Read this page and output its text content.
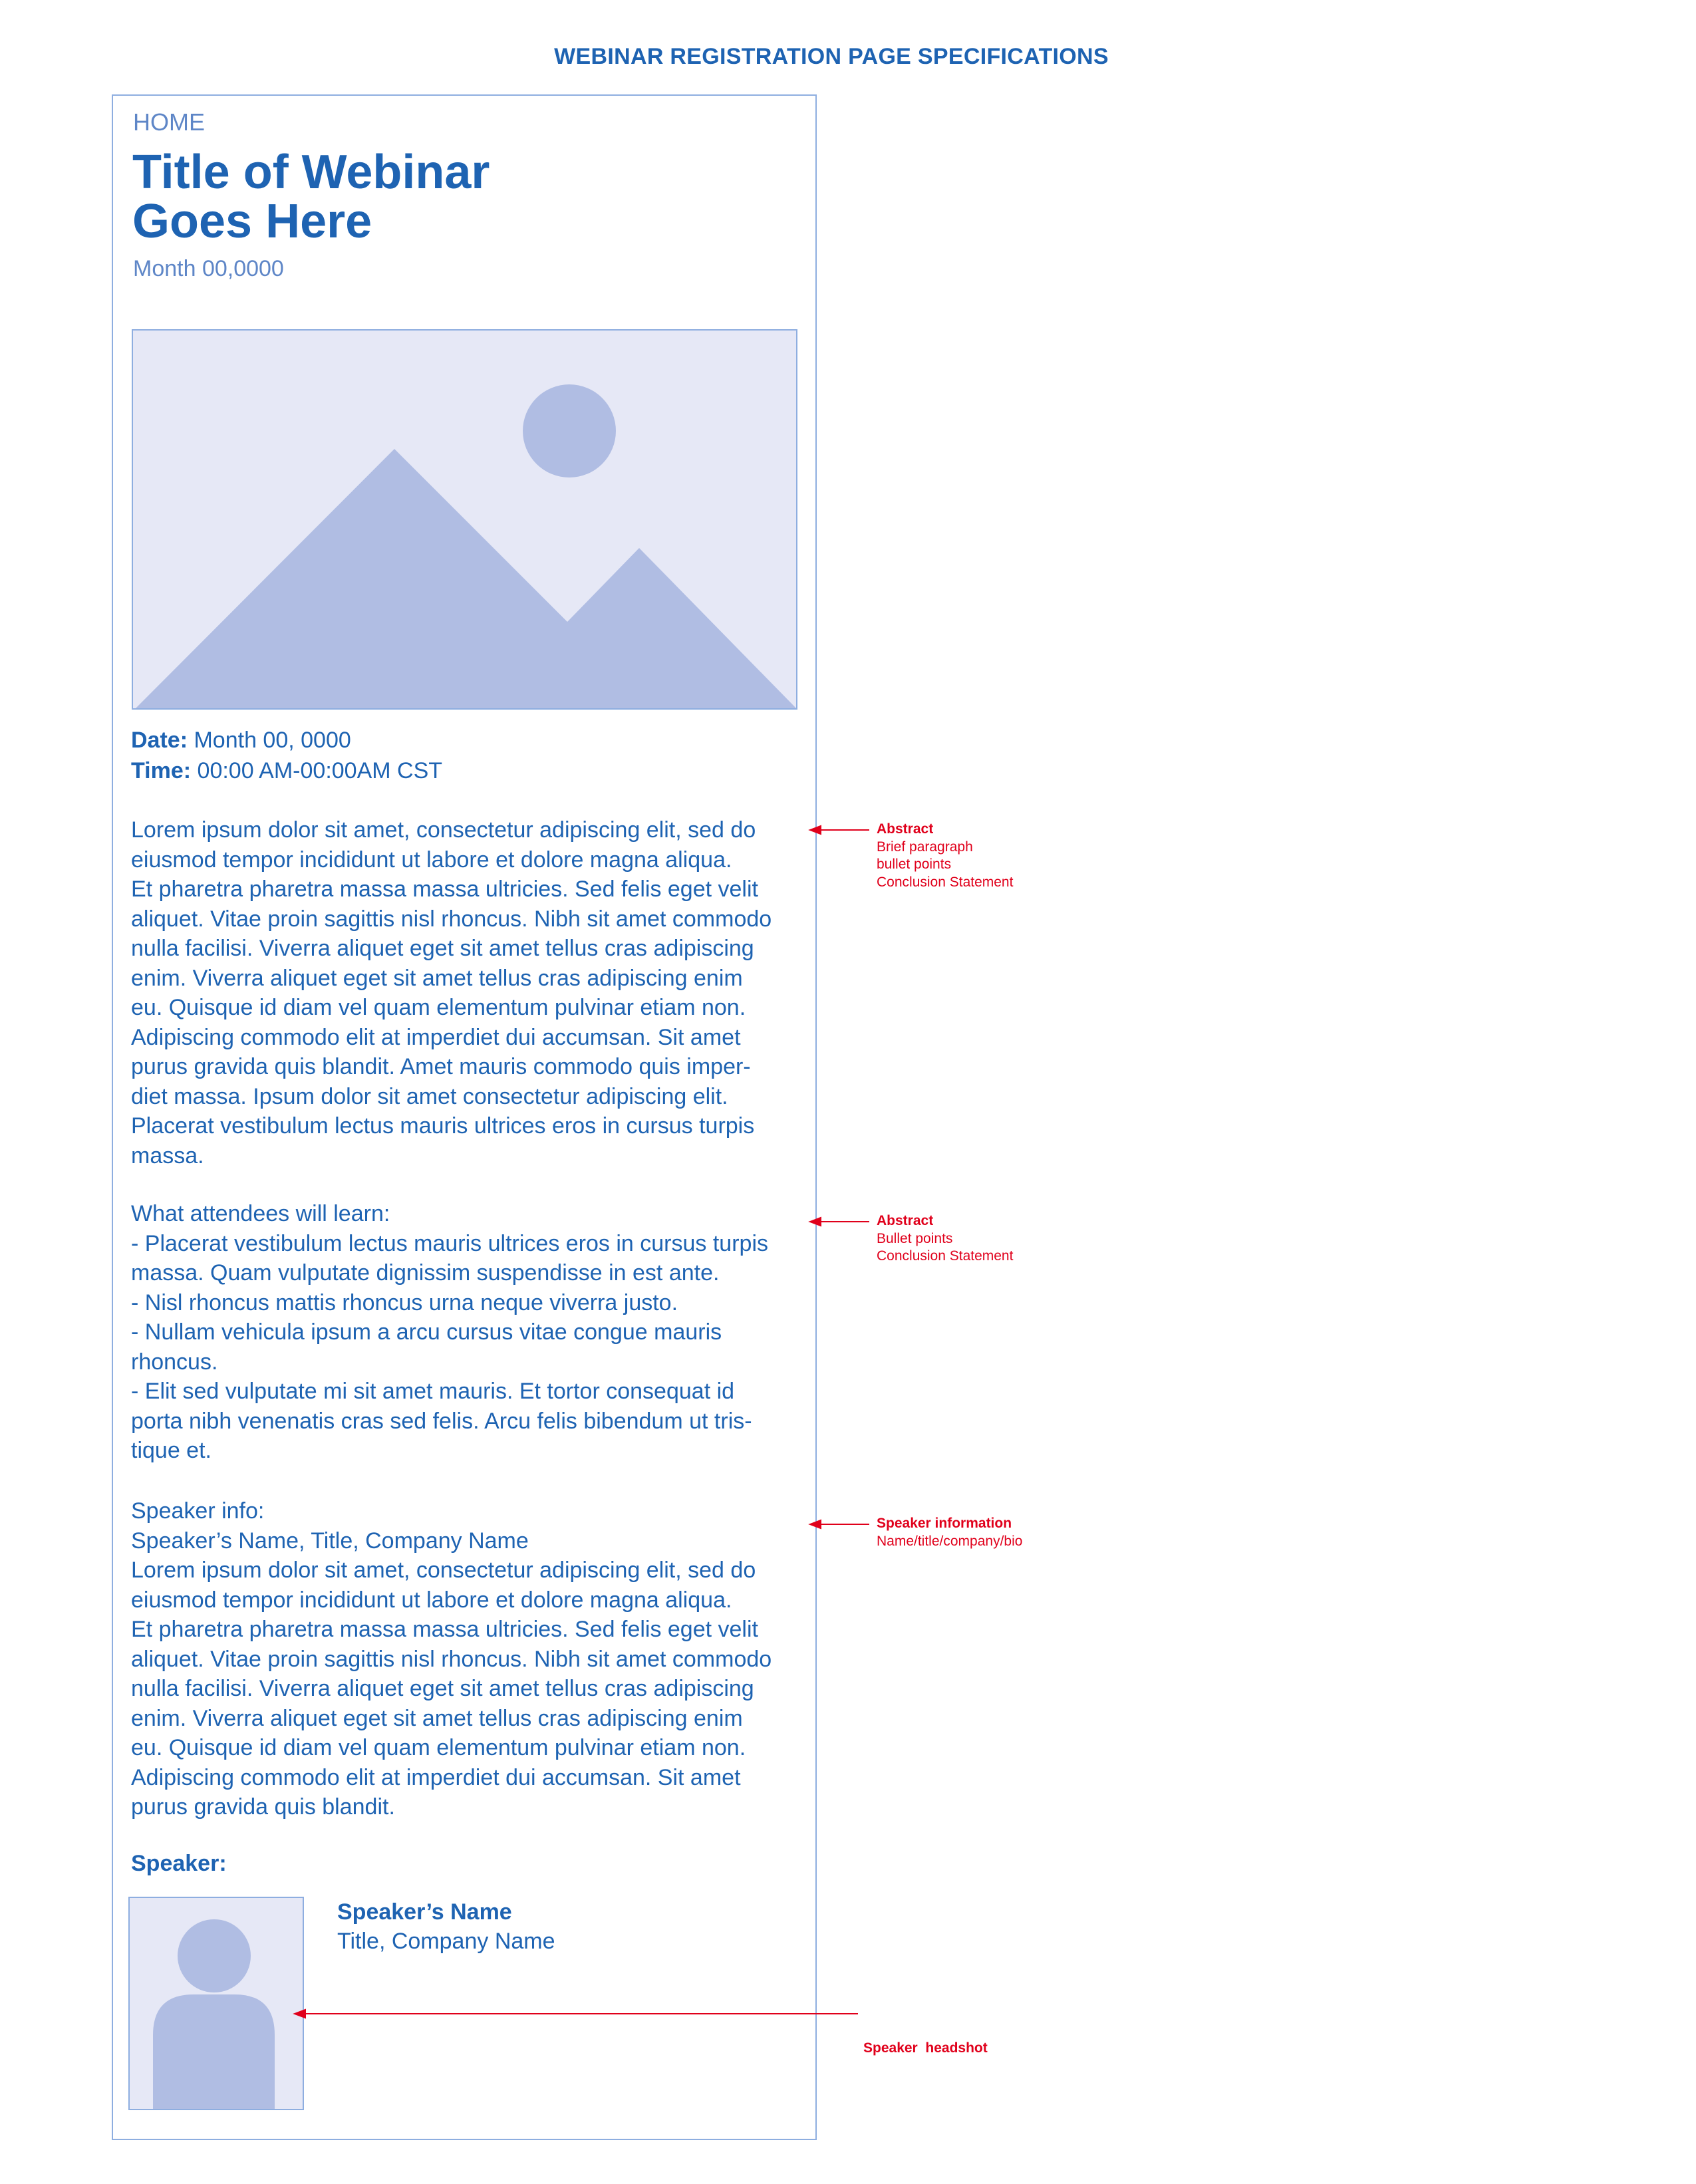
WEBINAR REGISTRATION PAGE SPECIFICATIONS
HOME
Title of Webinar
Goes Here
Month 00,0000
Date: Month 00, 0000
Time: 00:00 AM-00:00AM CST
Lorem ipsum dolor sit amet, consectetur adipiscing elit, sed do
eiusmod tempor incididunt ut labore et dolore magna aliqua.
Et pharetra pharetra massa massa ultricies. Sed felis eget velit
aliquet. Vitae proin sagittis nisl rhoncus. Nibh sit amet commodo
nulla facilisi. Viverra aliquet eget sit amet tellus cras adipiscing
enim. Viverra aliquet eget sit amet tellus cras adipiscing enim
eu. Quisque id diam vel quam elementum pulvinar etiam non.
Adipiscing commodo elit at imperdiet dui accumsan. Sit amet
purus gravida quis blandit. Amet mauris commodo quis imper-
diet massa. Ipsum dolor sit amet consectetur adipiscing elit.
Placerat vestibulum lectus mauris ultrices eros in cursus turpis
massa.
What attendees will learn:
- Placerat vestibulum lectus mauris ultrices eros in cursus turpis
massa. Quam vulputate dignissim suspendisse in est ante.
- Nisl rhoncus mattis rhoncus urna neque viverra justo.
- Nullam vehicula ipsum a arcu cursus vitae congue mauris
rhoncus.
- Elit sed vulputate mi sit amet mauris. Et tortor consequat id
porta nibh venenatis cras sed felis. Arcu felis bibendum ut tris-
tique et.
Speaker info:
Speaker’s Name, Title, Company Name
Lorem ipsum dolor sit amet, consectetur adipiscing elit, sed do
eiusmod tempor incididunt ut labore et dolore magna aliqua.
Et pharetra pharetra massa massa ultricies. Sed felis eget velit
aliquet. Vitae proin sagittis nisl rhoncus. Nibh sit amet commodo
nulla facilisi. Viverra aliquet eget sit amet tellus cras adipiscing
enim. Viverra aliquet eget sit amet tellus cras adipiscing enim
eu. Quisque id diam vel quam elementum pulvinar etiam non.
Adipiscing commodo elit at imperdiet dui accumsan. Sit amet
purus gravida quis blandit.
Speaker:
Speaker’s Name
Title, Company Name
Abstract
Brief paragraph
bullet points
Conclusion Statement
Abstract
Bullet points
Conclusion Statement
Speaker information
Name/title/company/bio

Speaker  headshot
